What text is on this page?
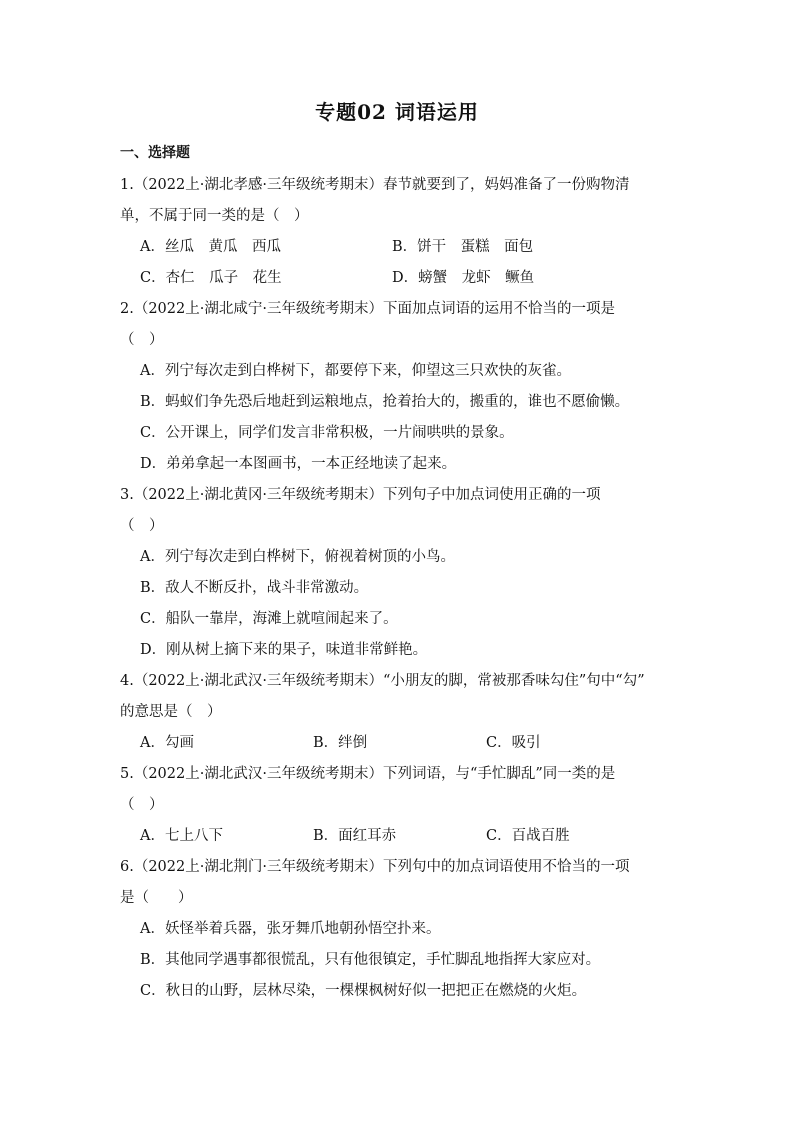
专题02 词语运用
一、选择题

1.（2022上·湖北孝感·三年级统考期末）春节就要到了，妈妈准备了一份购物清

单，不属于同一类的是（　）

A．丝瓜　黄瓜　西瓜	B．饼干　蛋糕　面包
C．杏仁　瓜子　花生	D．螃蟹　龙虾　鳜鱼

2.（2022上·湖北咸宁·三年级统考期末）下面加点词语的运用不恰当的一项是

（　）

A．列宁每次走到白桦树下，都要停下来，仰望这三只欢快的灰雀。

B．蚂蚁们争先恐后地赶到运粮地点，抢着抬大的，搬重的，谁也不愿偷懒。

C．公开课上，同学们发言非常积极，一片闹哄哄的景象。

D．弟弟拿起一本图画书，一本正经地读了起来。

3.（2022上·湖北黄冈·三年级统考期末）下列句子中加点词使用正确的一项

（　）

A．列宁每次走到白桦树下，俯视着树顶的小鸟。

B．敌人不断反扑，战斗非常激动。

C．船队一靠岸，海滩上就喧闹起来了。

D．刚从树上摘下来的果子，味道非常鲜艳。

4.（2022上·湖北武汉·三年级统考期末）“小朋友的脚，常被那香味勾住”句中“勾”

的意思是（　）

A．勾画	B．绊倒	C．吸引

5.（2022上·湖北武汉·三年级统考期末）下列词语，与“手忙脚乱”同一类的是

（　）

A．七上八下	B．面红耳赤	C．百战百胜

6.（2022上·湖北荆门·三年级统考期末）下列句中的加点词语使用不恰当的一项

是（　　）

A．妖怪举着兵器，张牙舞爪地朝孙悟空扑来。

B．其他同学遇事都很慌乱，只有他很镇定，手忙脚乱地指挥大家应对。

C．秋日的山野，层林尽染，一棵棵枫树好似一把把正在燃烧的火炬。
